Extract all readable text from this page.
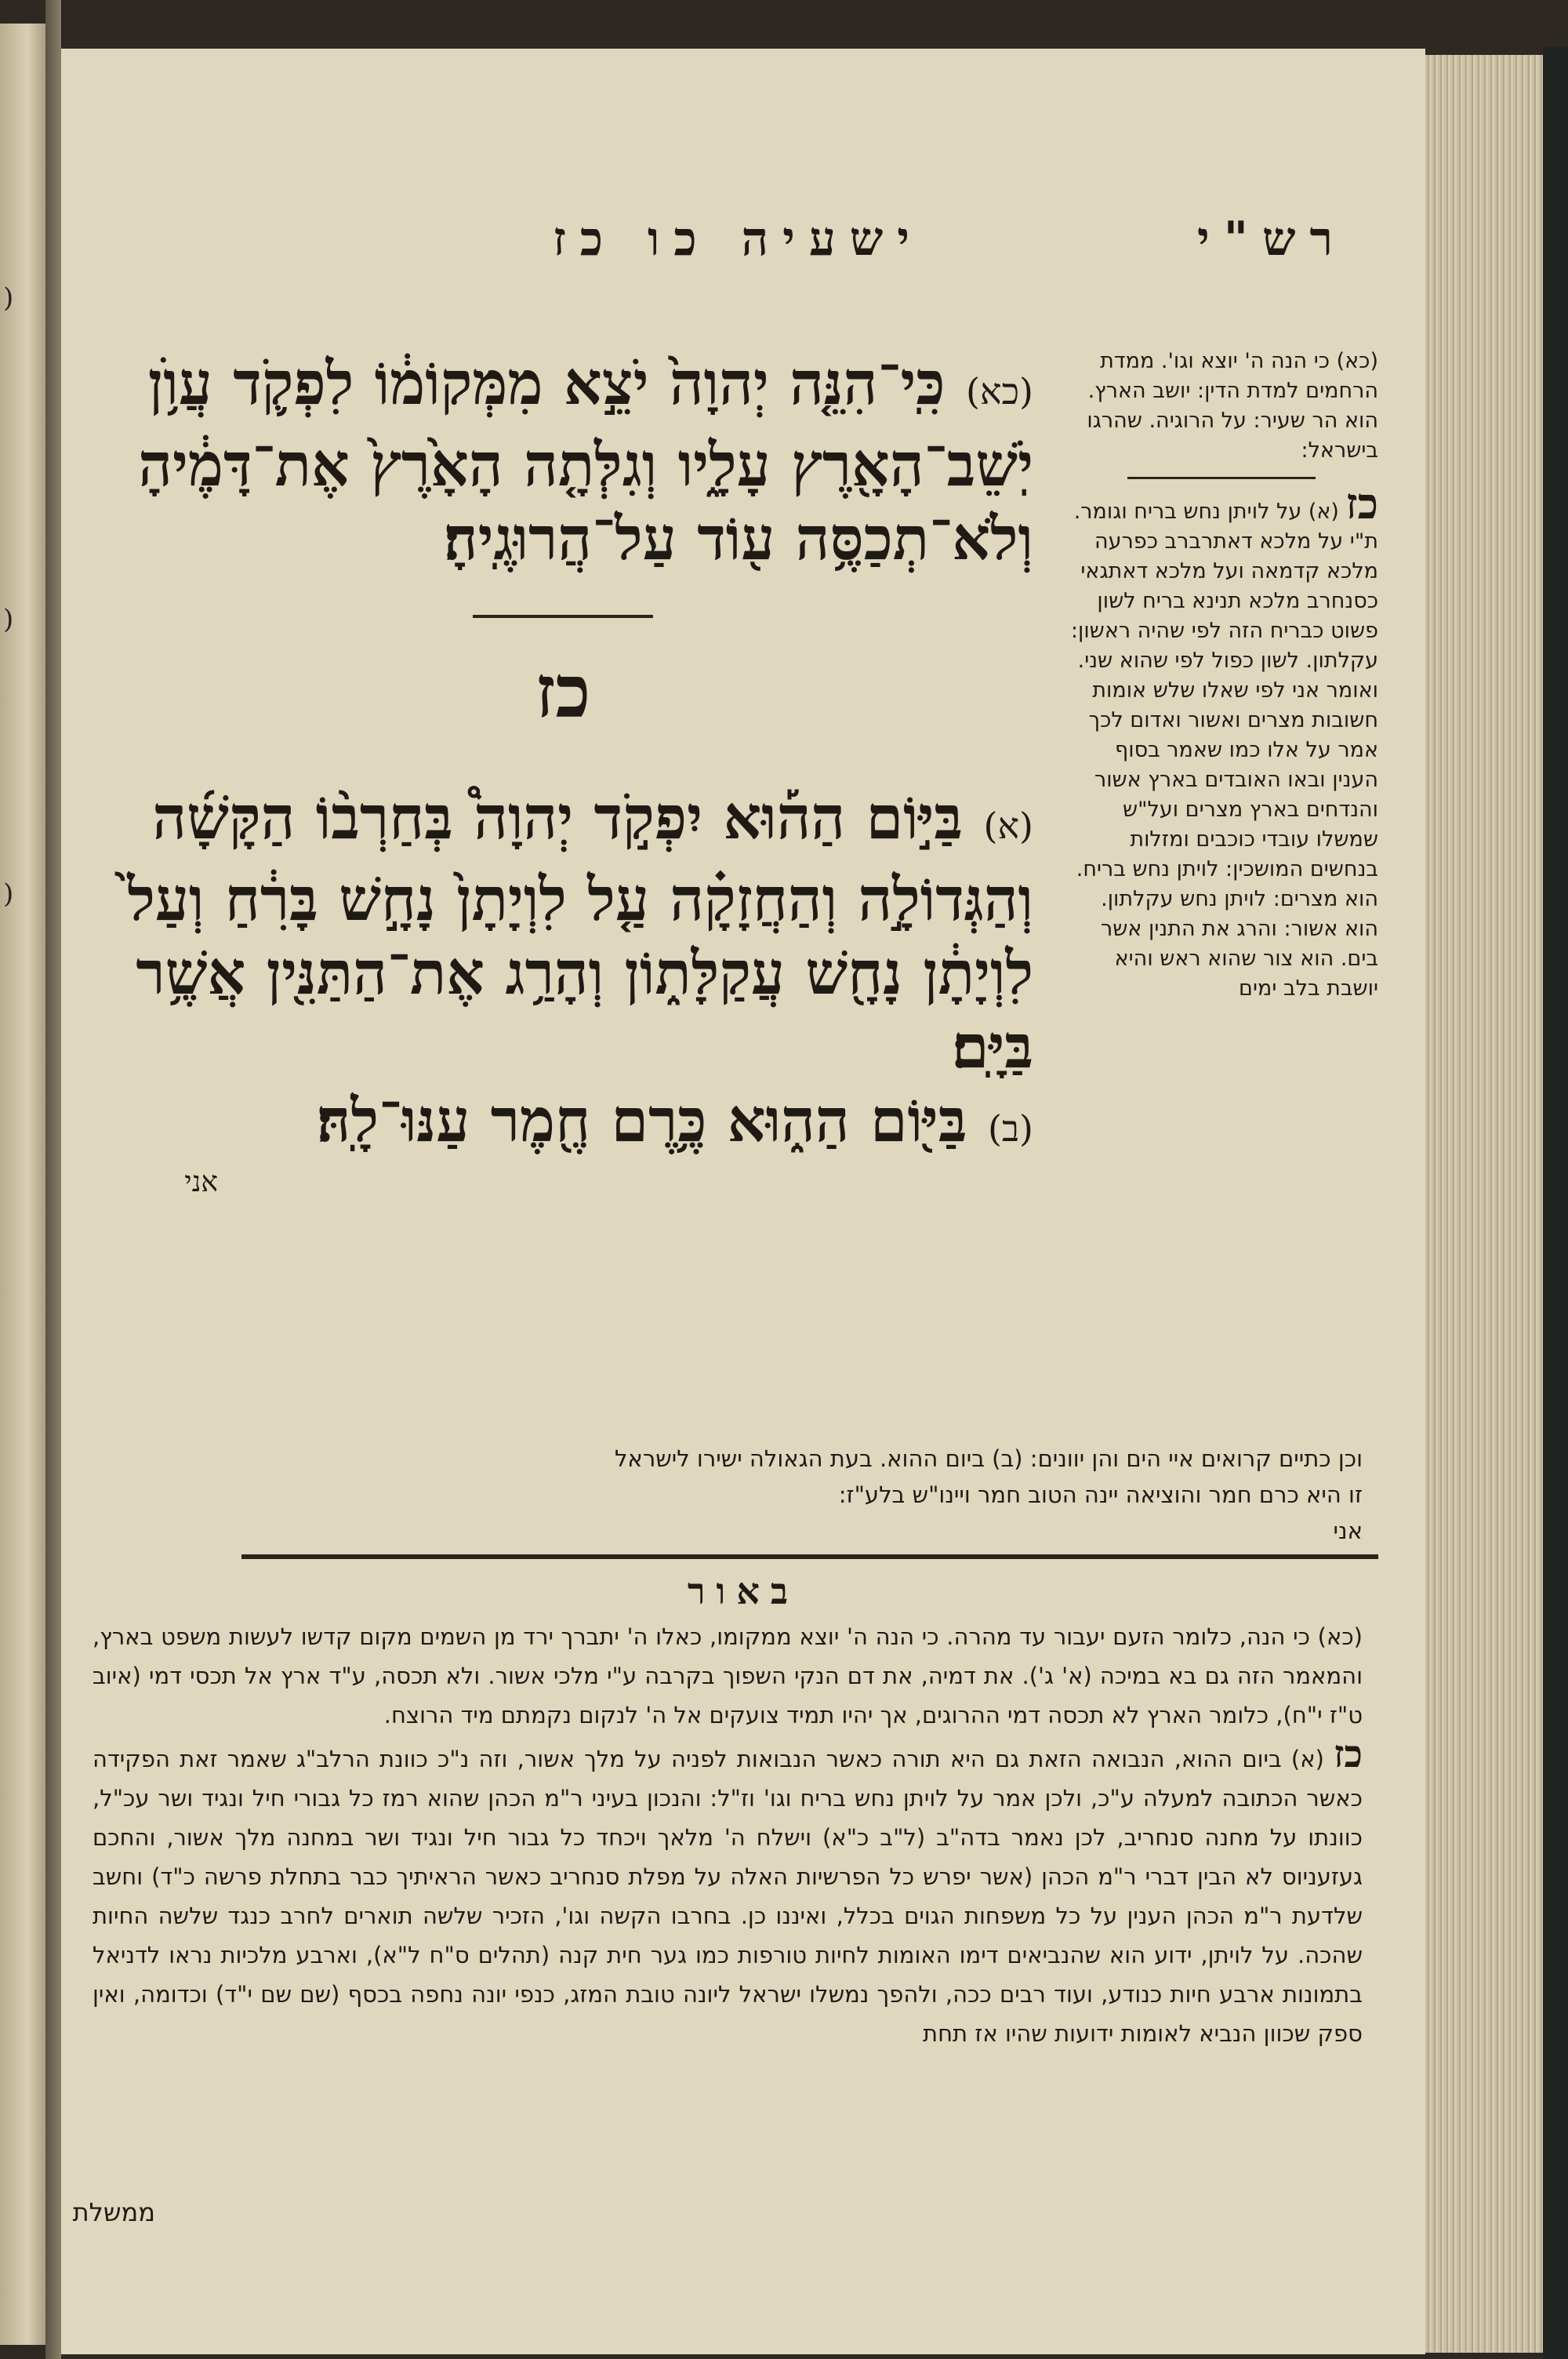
)
)
)
רש"י
ישעיה כו כז

(כא) כי הנה ה' יוצא וגו'. ממדת הרחמים למדת הדין: יושב הארץ. הוא הר שעיר: על הרוגיה. שהרגו בישראל:

כז (א) על לויתן נחש בריח וגומר. ת"י על מלכא דאתרברב כפרעה מלכא קדמאה ועל מלכא דאתגאי כסנחרב מלכא תנינא בריח לשון פשוט כבריח הזה לפי שהיה ראשון: עקלתון. לשון כפול לפי שהוא שני. ואומר אני לפי שאלו שלש אומות חשובות מצרים ואשור ואדום לכך אמר על אלו כמו שאמר בסוף הענין ובאו האובדים בארץ אשור והנדחים בארץ מצרים ועל"ש שמשלו עובדי כוכבים ומזלות בנחשים המושכין: לויתן נחש בריח. הוא מצרים: לויתן נחש עקלתון. הוא אשור: והרג את התנין אשר בים. הוא צור שהוא ראש והיא יושבת בלב ימים

(כא) כִּֽי־הִנֵּ֤ה יְהוָה֙ יֹצֵ֣א מִמְּקוֹמ֔וֹ לִפְקֹ֛ד עֲוֺ֥ן יֹֽשֵׁב־הָאָ֖רֶץ עָלָ֑יו וְגִלְּתָ֤ה הָאָ֙רֶץ֙ אֶת־דָּמֶ֔יהָ וְלֹא־תְכַסֶּ֥ה ע֖וֹד עַל־הֲרוּגֶֽיהָ׃

כז

(א) בַּיּ֣וֹם הַה֡וּא יִפְקֹ֣ד יְהוָה֩ בְּחַרְב֨וֹ הַקָּשָׁ֜ה וְהַגְּדוֹלָ֣ה וְהַחֲזָקָ֗ה עַ֤ל לִוְיָתָן֙ נָחָ֣שׁ בָּרִ֔חַ וְעַל֙ לִוְיָתָ֔ן נָחָ֖שׁ עֲקַלָּת֑וֹן וְהָרַ֥ג אֶת־הַתַּנִּ֖ין אֲשֶׁ֥ר בַּיָּֽם׃

(ב) בַּיּ֖וֹם הַה֑וּא כֶּ֥רֶם חֶ֖מֶר עַנּוּ־לָֽהּ׃

אני

וכן כתיים קרואים איי הים והן יוונים: (ב) ביום ההוא. בעת הגאולה ישירו לישראל

זו היא כרם חמר והוציאה יינה הטוב חמר ויינו"ש בלע"ז:

אני

באור

(כא) כי הנה, כלומר הזעם יעבור עד מהרה. כי הנה ה' יוצא ממקומו, כאלו ה' יתברך ירד מן השמים מקום קדשו לעשות משפט בארץ, והמאמר הזה גם בא במיכה (א' ג'). את דמיה, את דם הנקי השפוך בקרבה ע"י מלכי אשור. ולא תכסה, ע"ד ארץ אל תכסי דמי (איוב ט"ז י"ח), כלומר הארץ לא תכסה דמי ההרוגים, אך יהיו תמיד צועקים אל ה' לנקום נקמתם מיד הרוצח.

כז (א) ביום ההוא, הנבואה הזאת גם היא תורה כאשר הנבואות לפניה על מלך אשור, וזה נ"כ כוונת הרלב"ג שאמר זאת הפקידה כאשר הכתובה למעלה ע"כ, ולכן אמר על לויתן נחש בריח וגו' וז"ל: והנכון בעיני ר"מ הכהן שהוא רמז כל גבורי חיל ונגיד ושר עכ"ל, כוונתו על מחנה סנחריב, לכן נאמר בדה"ב (ל"ב כ"א) וישלח ה' מלאך ויכחד כל גבור חיל ונגיד ושר במחנה מלך אשור, והחכם געזעניוס לא הבין דברי ר"מ הכהן (אשר יפרש כל הפרשיות האלה על מפלת סנחריב כאשר הראיתיך כבר בתחלת פרשה כ"ד) וחשב שלדעת ר"מ הכהן הענין על כל משפחות הגוים בכלל, ואיננו כן. בחרבו הקשה וגו', הזכיר שלשה תוארים לחרב כנגד שלשה החיות שהכה. על לויתן, ידוע הוא שהנביאים דימו האומות לחיות טורפות כמו גער חית קנה (תהלים ס"ח ל"א), וארבע מלכיות נראו לדניאל בתמונות ארבע חיות כנודע, ועוד רבים ככה, ולהפך נמשלו ישראל ליונה טובת המזג, כנפי יונה נחפה בכסף (שם שם י"ד) וכדומה, ואין ספק שכוון הנביא לאומות ידועות שהיו אז תחת

ממשלת
